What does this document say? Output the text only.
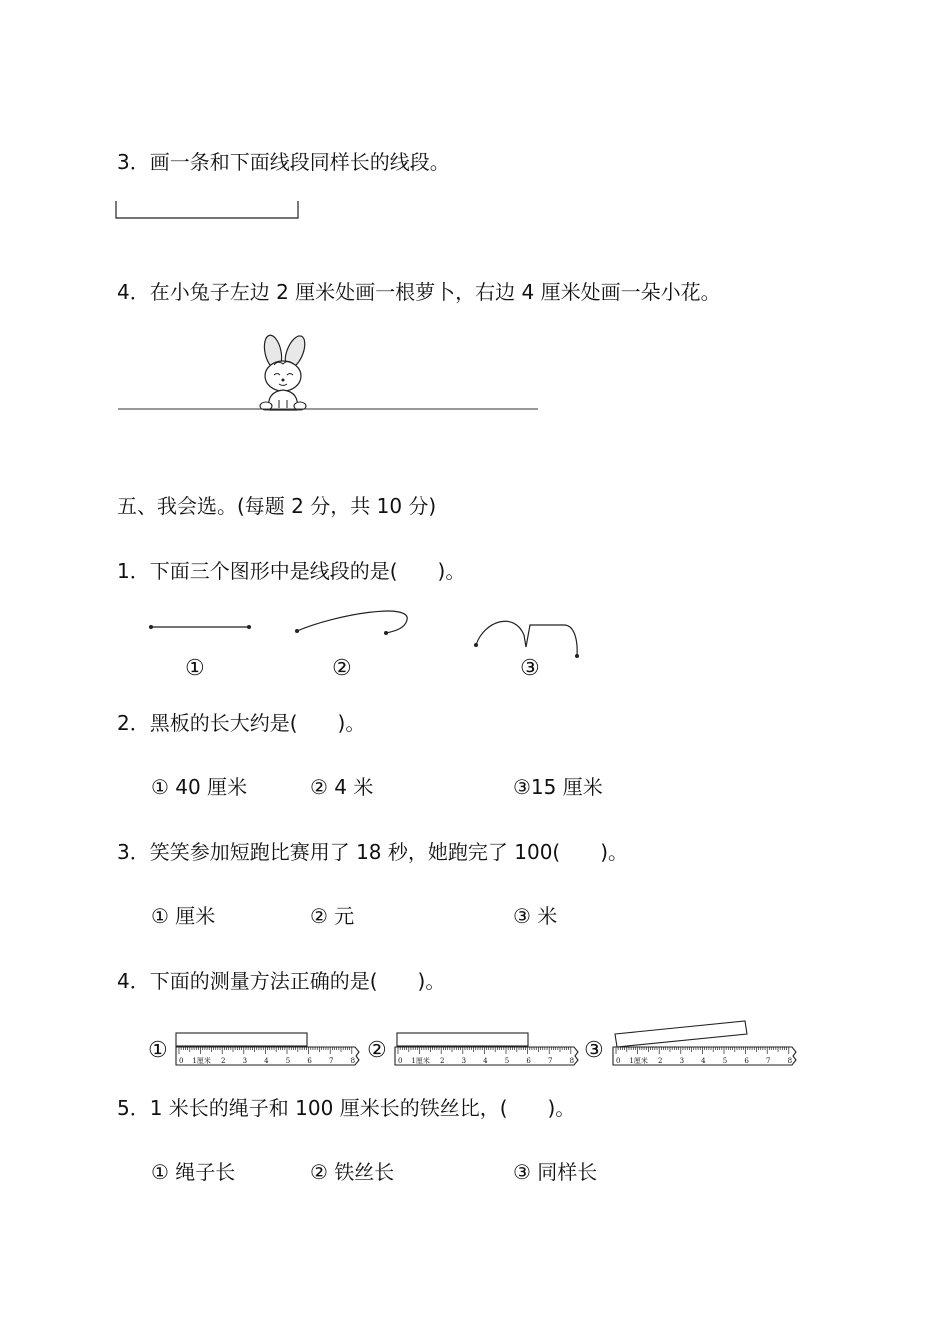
3．画一条和下面线段同样长的线段。
4．在小兔子左边 2 厘米处画一根萝卜，右边 4 厘米处画一朵小花。
五、我会选。(每题 2 分，共 10 分)
1．下面三个图形中是线段的是(　　)。
①	②	③
2．黑板的长大约是(　　)。
① 40 厘米	② 4 米	③15 厘米
3．笑笑参加短跑比赛用了 18 秒，她跑完了 100(　　)。
① 厘米	② 元	③ 米
4．下面的测量方法正确的是(　　)。
① 0 1厘米 2 3 4 5 6 7 8 ② 0 1厘米 2 3 4 5 6 7 8 ③ 0 1厘米 2 3 4 5 6 7 8
5．1 米长的绳子和 100 厘米长的铁丝比，(　　)。
① 绳子长	② 铁丝长	③ 同样长
